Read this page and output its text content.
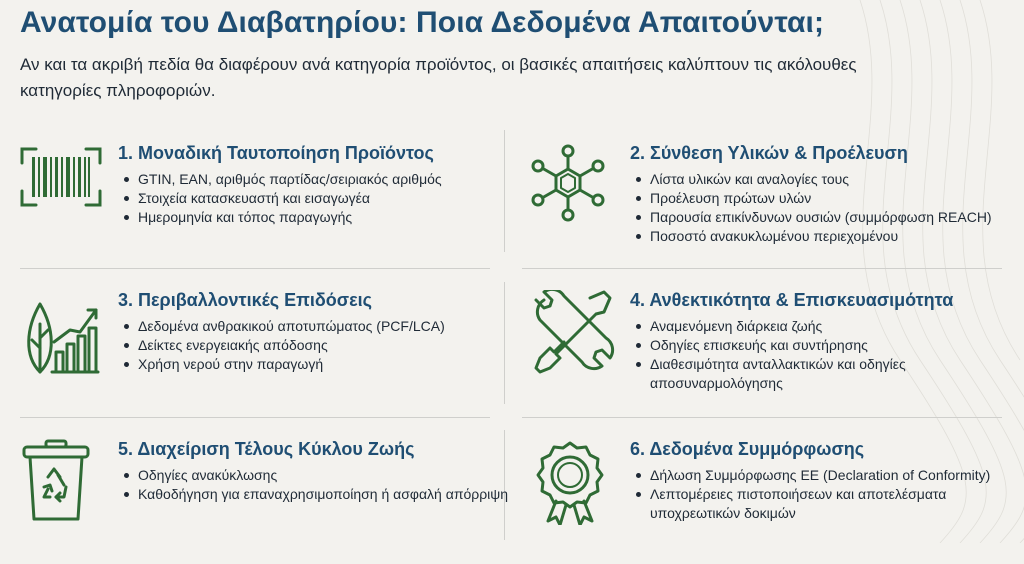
Ανατομία του Διαβατηρίου: Ποια Δεδομένα Απαιτούνται;
Αν και τα ακριβή πεδία θα διαφέρουν ανά κατηγορία προϊόντος, οι βασικές απαιτήσεις καλύπτουν τις ακόλουθες κατηγορίες πληροφοριών.
1. Μοναδική Ταυτοποίηση Προϊόντος
GTIN, EAN, αριθμός παρτίδας/σειριακός αριθμός
Στοιχεία κατασκευαστή και εισαγωγέα
Ημερομηνία και τόπος παραγωγής
2. Σύνθεση Υλικών & Προέλευση
Λίστα υλικών και αναλογίες τους
Προέλευση πρώτων υλών
Παρουσία επικίνδυνων ουσιών (συμμόρφωση REACH)
Ποσοστό ανακυκλωμένου περιεχομένου
3. Περιβαλλοντικές Επιδόσεις
Δεδομένα ανθρακικού αποτυπώματος (PCF/LCA)
Δείκτες ενεργειακής απόδοσης
Χρήση νερού στην παραγωγή
4. Ανθεκτικότητα & Επισκευασιμότητα
Αναμενόμενη διάρκεια ζωής
Οδηγίες επισκευής και συντήρησης
Διαθεσιμότητα ανταλλακτικών και οδηγίες αποσυναρμολόγησης
5. Διαχείριση Τέλους Κύκλου Ζωής
Οδηγίες ανακύκλωσης
Καθοδήγηση για επαναχρησιμοποίηση ή ασφαλή απόρριψη
6. Δεδομένα Συμμόρφωσης
Δήλωση Συμμόρφωσης ΕΕ (Declaration of Conformity)
Λεπτομέρειες πιστοποιήσεων και αποτελέσματα υποχρεωτικών δοκιμών
